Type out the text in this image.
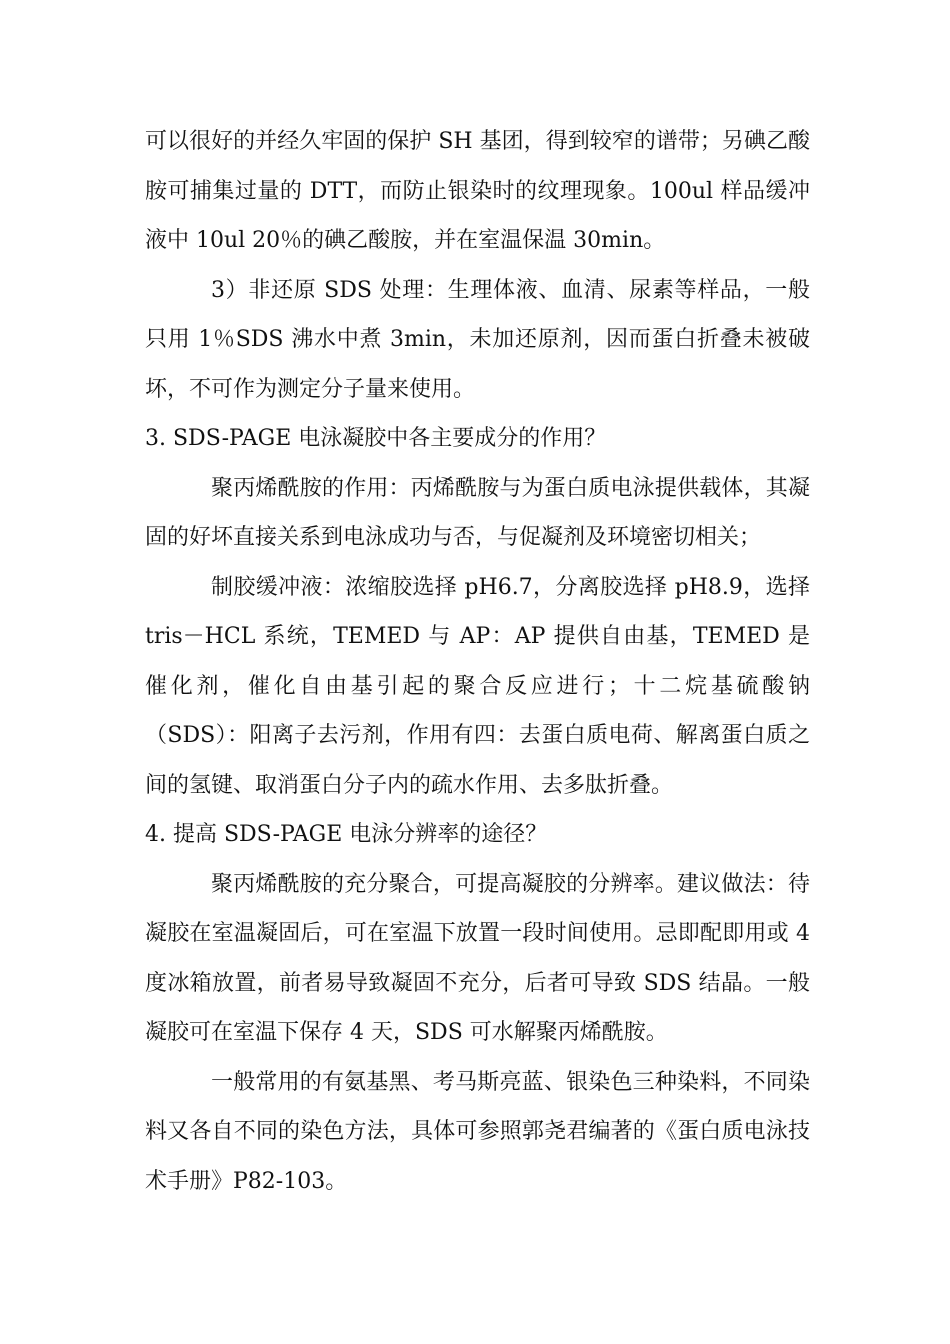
可以很好的并经久牢固的保护 SH 基团，得到较窄的谱带；另碘乙酸胺可捕集过量的 DTT，而防止银染时的纹理现象。100ul 样品缓冲液中 10ul 20％的碘乙酸胺，并在室温保温 30min。

3）非还原 SDS 处理：生理体液、血清、尿素等样品，一般只用 1％SDS 沸水中煮 3min，未加还原剂，因而蛋白折叠未被破坏，不可作为测定分子量来使用。

3. SDS-PAGE 电泳凝胶中各主要成分的作用？

聚丙烯酰胺的作用：丙烯酰胺与为蛋白质电泳提供载体，其凝固的好坏直接关系到电泳成功与否，与促凝剂及环境密切相关；

制胶缓冲液：浓缩胶选择 pH6.7，分离胶选择 pH8.9，选择 tris－HCL 系统，TEMED 与 AP：AP 提供自由基，TEMED 是催化剂，催化自由基引起的聚合反应进行；十二烷基硫酸钠（SDS）：阳离子去污剂，作用有四：去蛋白质电荷、解离蛋白质之间的氢键、取消蛋白分子内的疏水作用、去多肽折叠。

4. 提高 SDS-PAGE 电泳分辨率的途径？

聚丙烯酰胺的充分聚合，可提高凝胶的分辨率。建议做法：待凝胶在室温凝固后，可在室温下放置一段时间使用。忌即配即用或 4 度冰箱放置，前者易导致凝固不充分，后者可导致 SDS 结晶。一般凝胶可在室温下保存 4 天，SDS 可水解聚丙烯酰胺。

一般常用的有氨基黑、考马斯亮蓝、银染色三种染料，不同染料又各自不同的染色方法，具体可参照郭尧君编著的《蛋白质电泳技术手册》P82-103。
